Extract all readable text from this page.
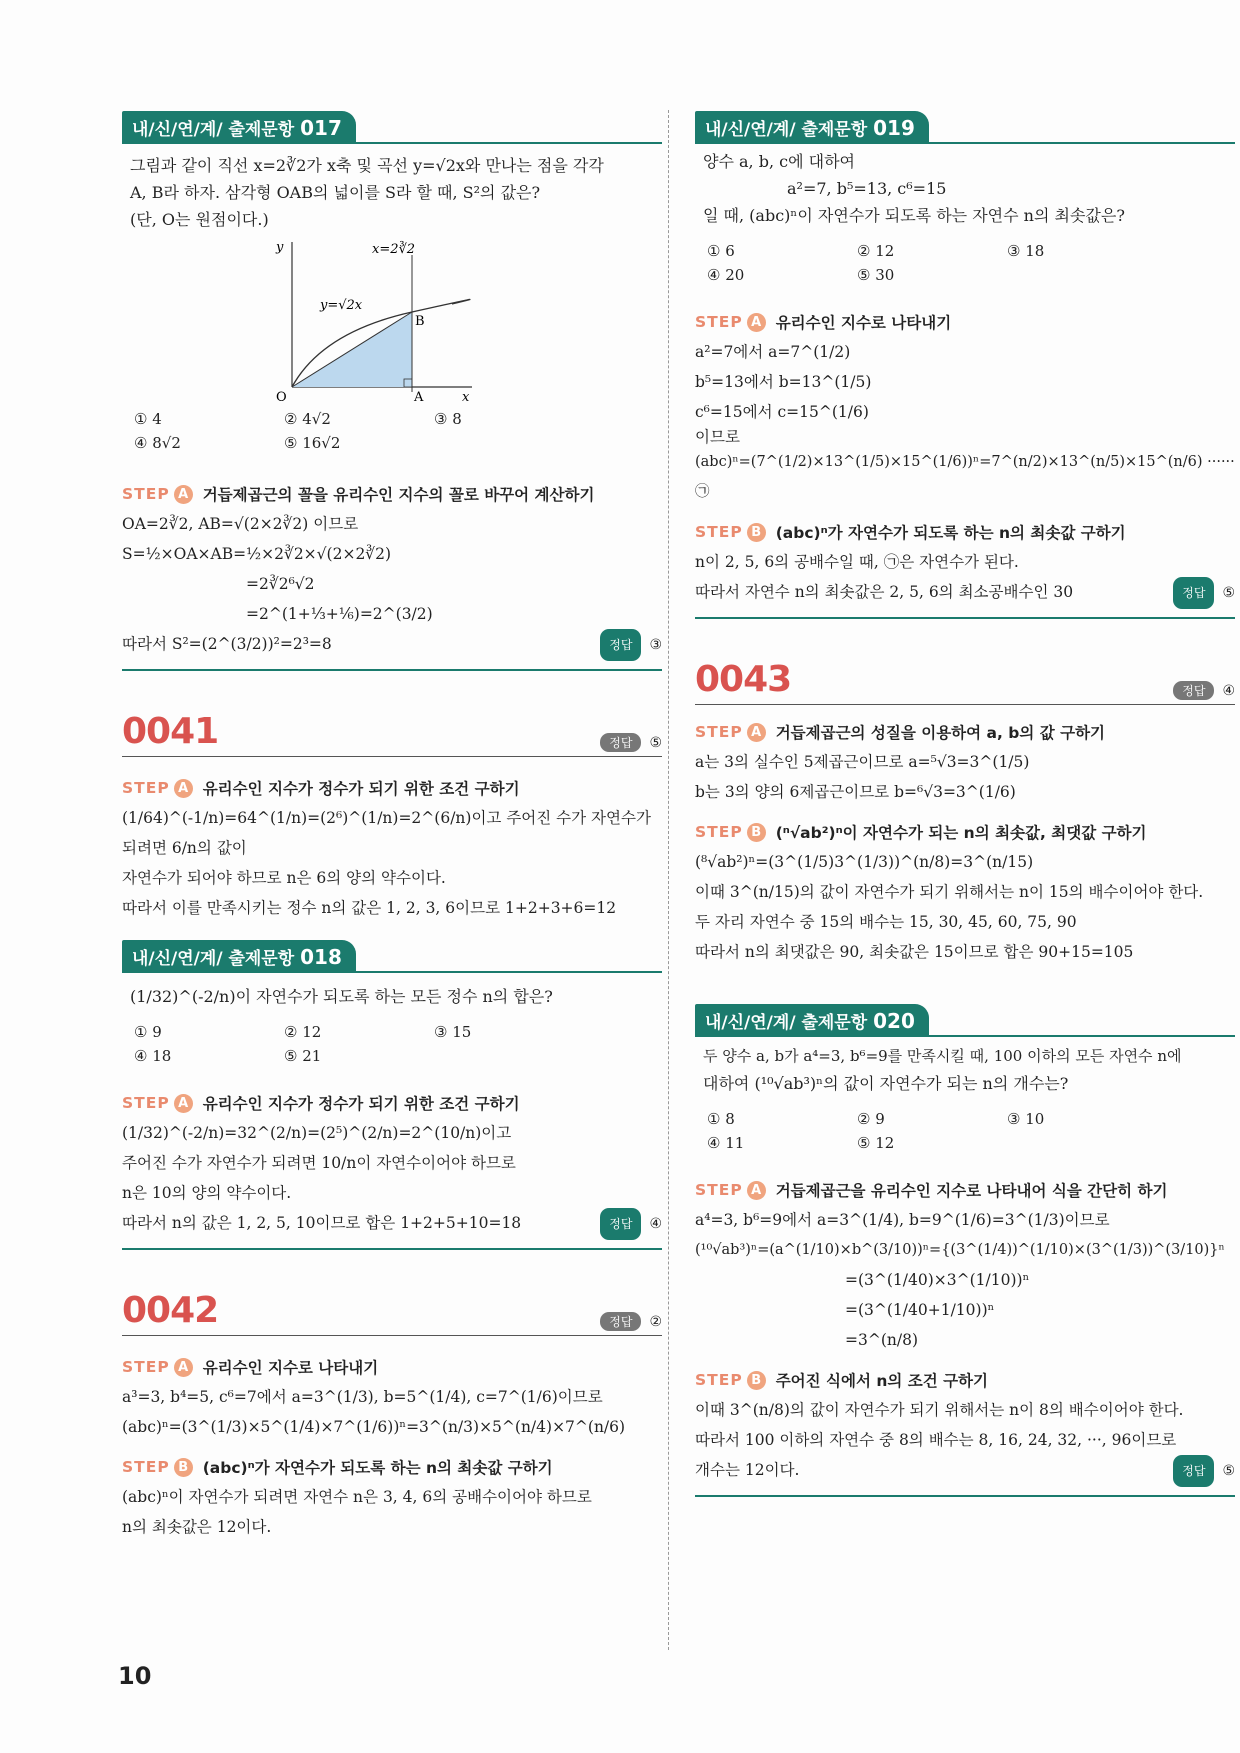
내/신/연/계/ 출제문항 017
그림과 같이 직선 x=2∛2가 x축 및 곡선 y=√2x와 만나는 점을 각각
A, B라 하자. 삼각형 OAB의 넓이를 S라 할 때, S²의 값은?
(단, O는 원점이다.)
y
x
O	A
B
x=2∛2
y=√2x
① 4	② 4√2	③ 8
④ 8√2	⑤ 16√2
STEP A 거듭제곱근의 꼴을 유리수인 지수의 꼴로 바꾸어 계산하기
OA=2∛2, AB=√(2×2∛2) 이므로
S=½×OA×AB=½×2∛2×√(2×2∛2)
=2∛2⁶√2
=2^(1+⅓+⅙)=2^(3/2)
따라서 S²=(2^(3/2))²=2³=8	정답	③
0041	정답	⑤
STEP A 유리수인 지수가 정수가 되기 위한 조건 구하기
(1/64)^(-1/n)=64^(1/n)=(2⁶)^(1/n)=2^(6/n)이고 주어진 수가 자연수가 되려면 6/n의 값이
자연수가 되어야 하므로 n은 6의 양의 약수이다.
따라서 이를 만족시키는 정수 n의 값은 1, 2, 3, 6이므로 1+2+3+6=12
내/신/연/계/ 출제문항 018
(1/32)^(-2/n)이 자연수가 되도록 하는 모든 정수 n의 합은?
① 9	② 12	③ 15
④ 18	⑤ 21
STEP A 유리수인 지수가 정수가 되기 위한 조건 구하기
(1/32)^(-2/n)=32^(2/n)=(2⁵)^(2/n)=2^(10/n)이고
주어진 수가 자연수가 되려면 10/n이 자연수이어야 하므로
n은 10의 양의 약수이다.
따라서 n의 값은 1, 2, 5, 10이므로 합은 1+2+5+10=18	정답	④
0042	정답	②
STEP A 유리수인 지수로 나타내기
a³=3, b⁴=5, c⁶=7에서 a=3^(1/3), b=5^(1/4), c=7^(1/6)이므로
(abc)ⁿ=(3^(1/3)×5^(1/4)×7^(1/6))ⁿ=3^(n/3)×5^(n/4)×7^(n/6)
STEP B (abc)ⁿ가 자연수가 되도록 하는 n의 최솟값 구하기
(abc)ⁿ이 자연수가 되려면 자연수 n은 3, 4, 6의 공배수이어야 하므로
n의 최솟값은 12이다.
내/신/연/계/ 출제문항 019
양수 a, b, c에 대하여
a²=7, b⁵=13, c⁶=15
일 때, (abc)ⁿ이 자연수가 되도록 하는 자연수 n의 최솟값은?
① 6	② 12	③ 18
④ 20	⑤ 30
STEP A 유리수인 지수로 나타내기
a²=7에서 a=7^(1/2)
b⁵=13에서 b=13^(1/5)
c⁶=15에서 c=15^(1/6)
이므로
(abc)ⁿ=(7^(1/2)×13^(1/5)×15^(1/6))ⁿ=7^(n/2)×13^(n/5)×15^(n/6) ······ ㉠
STEP B (abc)ⁿ가 자연수가 되도록 하는 n의 최솟값 구하기
n이 2, 5, 6의 공배수일 때, ㉠은 자연수가 된다.
따라서 자연수 n의 최솟값은 2, 5, 6의 최소공배수인 30	정답	⑤
0043	정답	④
STEP A 거듭제곱근의 성질을 이용하여 a, b의 값 구하기
a는 3의 실수인 5제곱근이므로 a=⁵√3=3^(1/5)
b는 3의 양의 6제곱근이므로 b=⁶√3=3^(1/6)
STEP B (ⁿ√ab²)ⁿ이 자연수가 되는 n의 최솟값, 최댓값 구하기
(⁸√ab²)ⁿ=(3^(1/5)3^(1/3))^(n/8)=3^(n/15)
이때 3^(n/15)의 값이 자연수가 되기 위해서는 n이 15의 배수이어야 한다.
두 자리 자연수 중 15의 배수는 15, 30, 45, 60, 75, 90
따라서 n의 최댓값은 90, 최솟값은 15이므로 합은 90+15=105
내/신/연/계/ 출제문항 020
두 양수 a, b가 a⁴=3, b⁶=9를 만족시킬 때, 100 이하의 모든 자연수 n에
대하여 (¹⁰√ab³)ⁿ의 값이 자연수가 되는 n의 개수는?
① 8	② 9	③ 10
④ 11	⑤ 12
STEP A 거듭제곱근을 유리수인 지수로 나타내어 식을 간단히 하기
a⁴=3, b⁶=9에서 a=3^(1/4), b=9^(1/6)=3^(1/3)이므로
(¹⁰√ab³)ⁿ=(a^(1/10)×b^(3/10))ⁿ={(3^(1/4))^(1/10)×(3^(1/3))^(3/10)}ⁿ
=(3^(1/40)×3^(1/10))ⁿ
=(3^(1/40+1/10))ⁿ
=3^(n/8)
STEP B 주어진 식에서 n의 조건 구하기
이때 3^(n/8)의 값이 자연수가 되기 위해서는 n이 8의 배수이어야 한다.
따라서 100 이하의 자연수 중 8의 배수는 8, 16, 24, 32, ···, 96이므로
개수는 12이다.	정답	⑤
10
